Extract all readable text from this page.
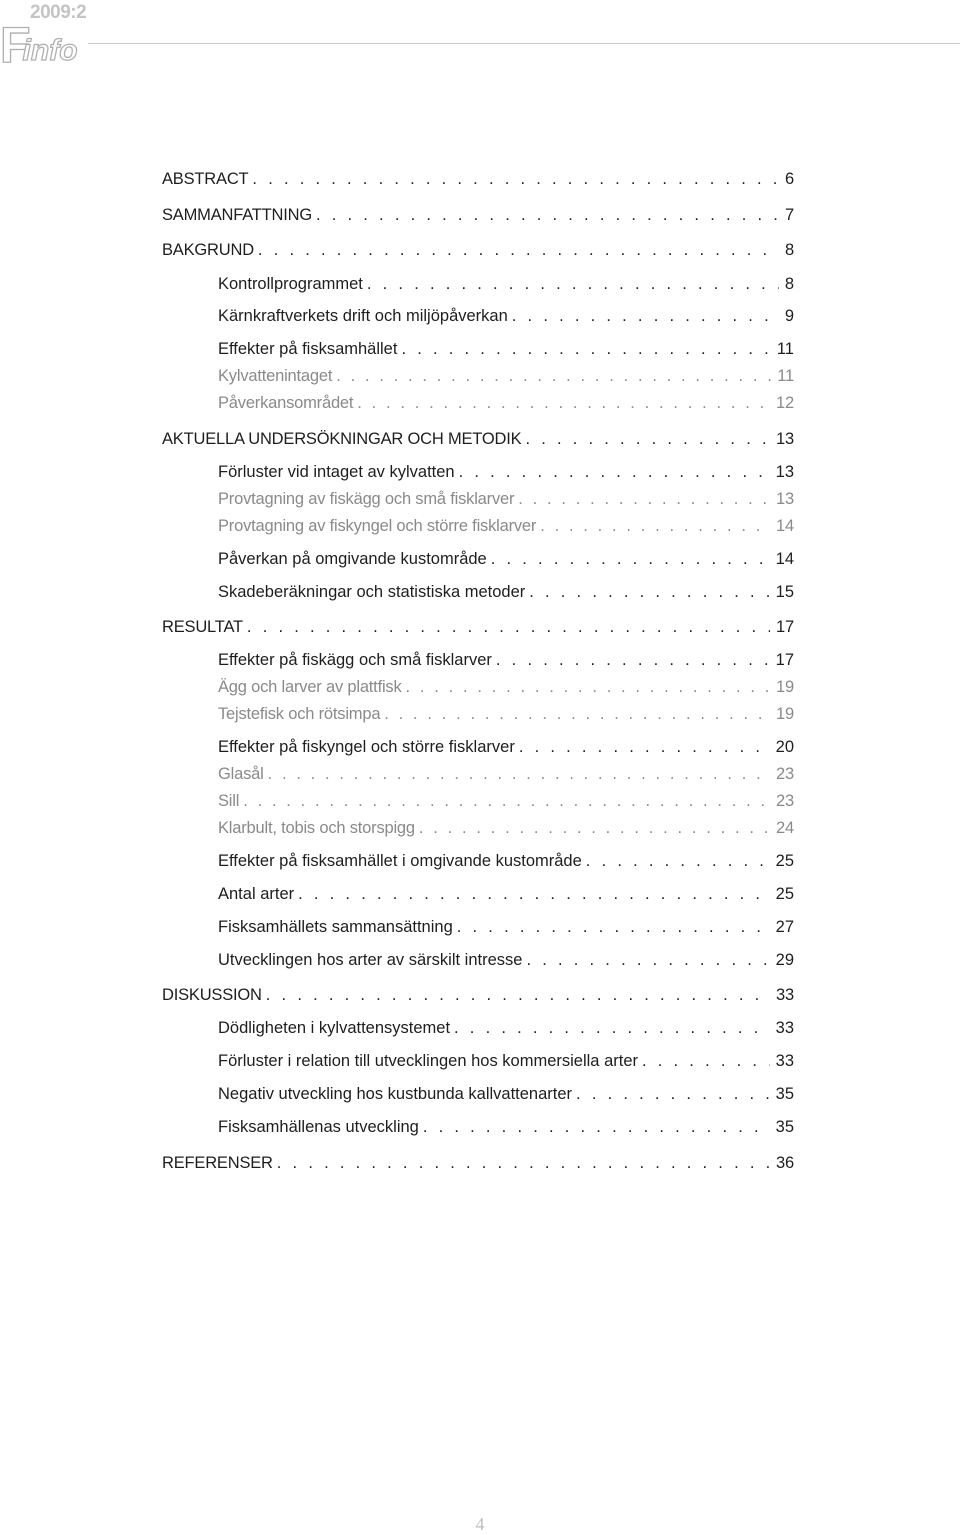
2009:2
Finfo
ABSTRACT . . .	6
SAMMANFATTNING . . .	7
BAKGRUND . . .	8
Kontrollprogrammet . . .	8
Kärnkraftverkets drift och miljöpåverkan . . .	9
Effekter på fisksamhället . . .	11
Kylvattenintaget . . .	11
Påverkansområdet . . .	12
AKTUELLA UNDERSÖKNINGAR OCH METODIK . . .	13
Förluster vid intaget av kylvatten . . .	13
Provtagning av fiskägg och små fisklarver . . .	13
Provtagning av fiskyngel och större fisklarver . . .	14
Påverkan på omgivande kustområde . . .	14
Skadeberäkningar och statistiska metoder . . .	15
RESULTAT . . .	17
Effekter på fiskägg och små fisklarver . . .	17
Ägg och larver av plattfisk . . .	19
Tejstefisk och rötsimpa . . .	19
Effekter på fiskyngel och större fisklarver . . .	20
Glasål . . .	23
Sill . . .	23
Klarbult, tobis och storspigg . . .	24
Effekter på fisksamhället i omgivande kustområde . . .	25
Antal arter . . .	25
Fisksamhällets sammansättning . . .	27
Utvecklingen hos arter av särskilt intresse . . .	29
DISKUSSION . . .	33
Dödligheten i kylvattensystemet . . .	33
Förluster i relation till utvecklingen hos kommersiella arter . . .	33
Negativ utveckling hos kustbunda kallvattenarter . . .	35
Fisksamhällenas utveckling . . .	35
REFERENSER . . .	36
4
